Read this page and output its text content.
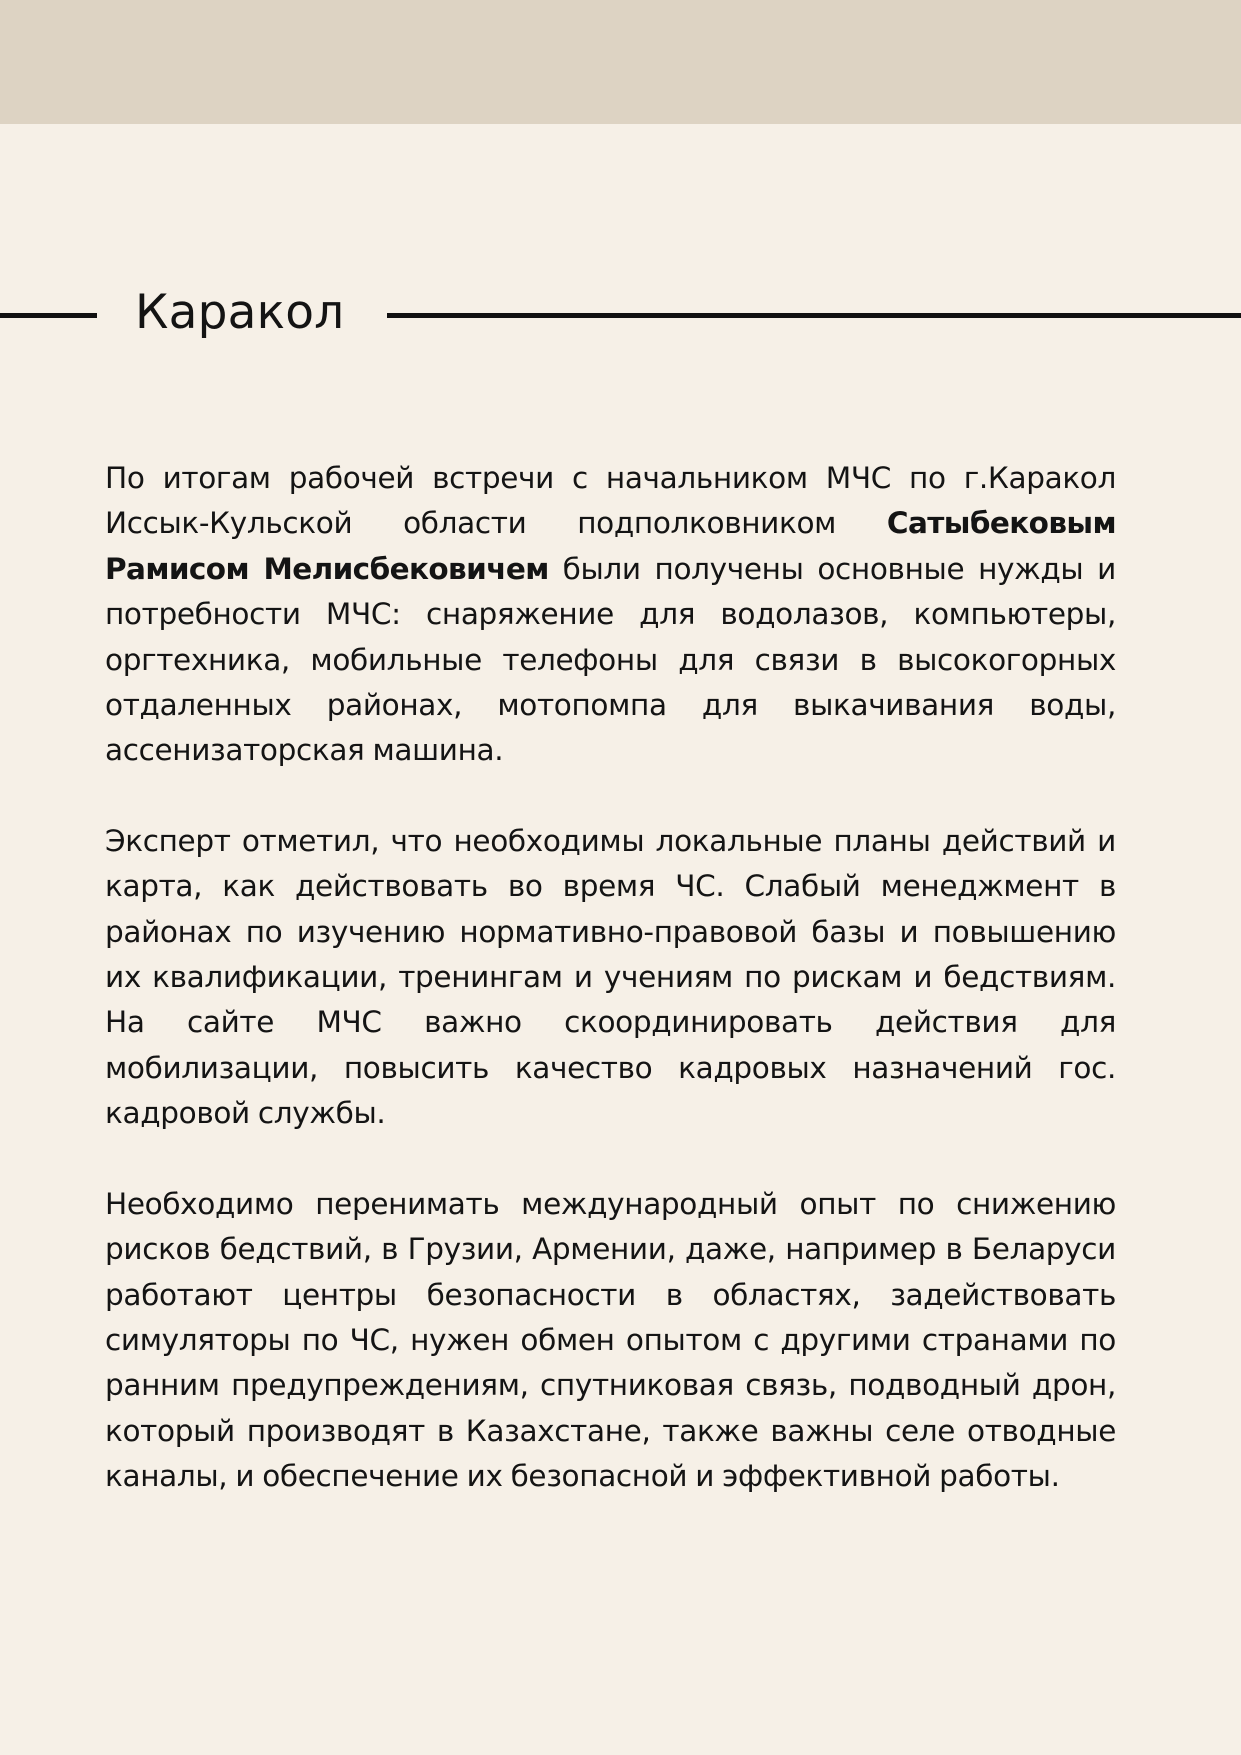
Каракол

По итогам рабочей встречи с начальником МЧС по г.Каракол Иссык-Кульской области подполковником Сатыбековым Рамисом Мелисбековичем были получены основные нужды и потребности МЧС: снаряжение для водолазов, компьютеры, оргтехника, мобильные телефоны для связи в высокогорных отдаленных районах, мотопомпа для выкачивания воды, ассенизаторская машина.

Эксперт отметил, что необходимы локальные планы действий и карта, как действовать во время ЧС. Слабый менеджмент в районах по изучению нормативно-правовой базы и повышению их квалификации, тренингам и учениям по рискам и бедствиям. На сайте МЧС важно скоординировать действия для мобилизации, повысить качество кадровых назначений гос. кадровой службы.

Необходимо перенимать международный опыт по снижению рисков бедствий, в Грузии, Армении, даже, например в Беларуси работают центры безопасности в областях, задействовать симуляторы по ЧС, нужен обмен опытом с другими странами по ранним предупреждениям, спутниковая связь, подводный дрон, который производят в Казахстане, также важны селе отводные каналы, и обеспечение их безопасной и эффективной работы.
